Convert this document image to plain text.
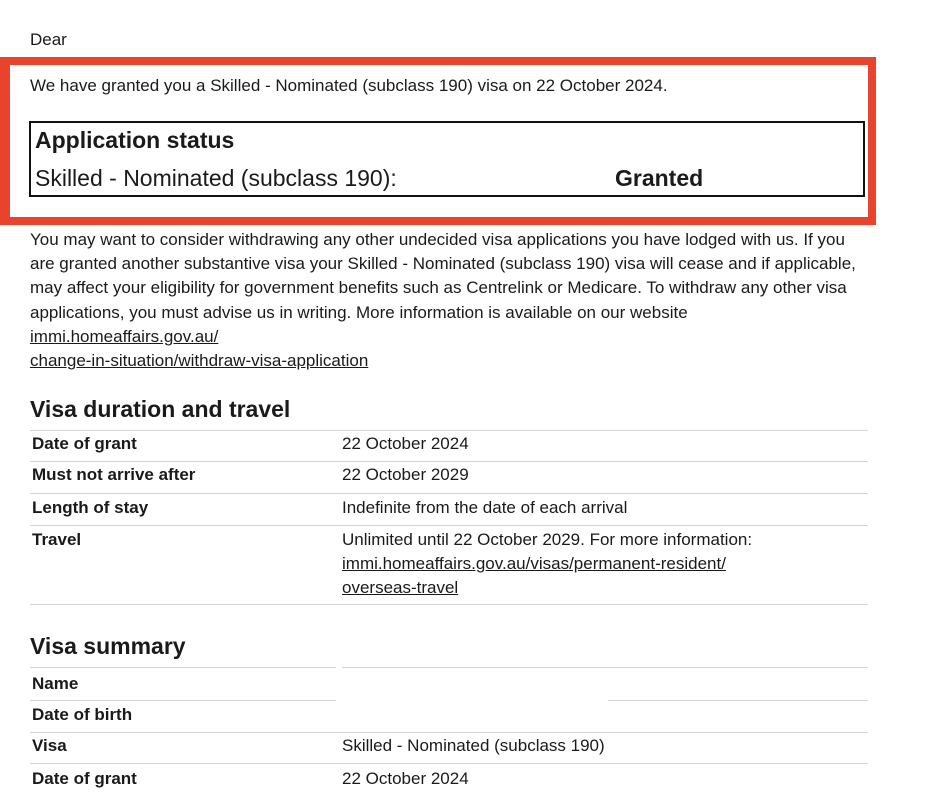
Dear
We have granted you a Skilled - Nominated (subclass 190) visa on 22 October 2024.
Application status
Skilled - Nominated (subclass 190):	Granted
You may want to consider withdrawing any other undecided visa applications you have lodged with us. If you are granted another substantive visa your Skilled - Nominated (subclass 190) visa will cease and if applicable, may affect your eligibility for government benefits such as Centrelink or Medicare. To withdraw any other visa applications, you must advise us in writing. More information is available on our website immi.homeaffairs.gov.au/
change-in-situation/withdraw-visa-application
Visa duration and travel
Date of grant	22 October 2024
Must not arrive after	22 October 2029
Length of stay	Indefinite from the date of each arrival
Travel	Unlimited until 22 October 2029. For more information:
immi.homeaffairs.gov.au/visas/permanent-resident/
overseas-travel
Visa summary
Name
Date of birth
Visa	Skilled - Nominated (subclass 190)
Date of grant	22 October 2024
